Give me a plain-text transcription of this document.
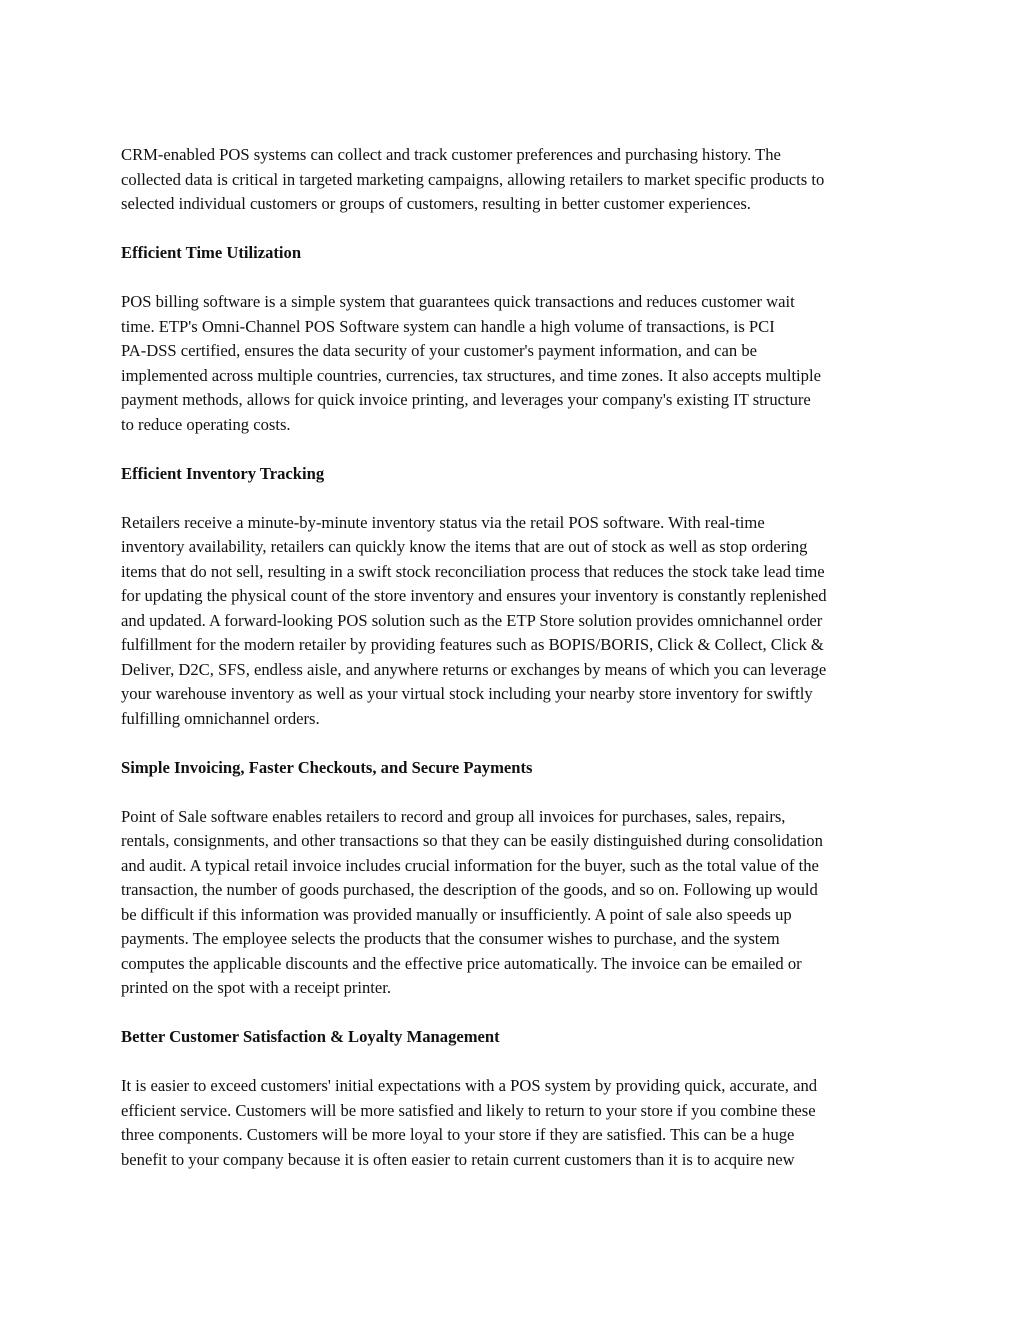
CRM-enabled POS systems can collect and track customer preferences and purchasing history. The
collected data is critical in targeted marketing campaigns, allowing retailers to market specific products to
selected individual customers or groups of customers, resulting in better customer experiences.
Efficient Time Utilization
POS billing software is a simple system that guarantees quick transactions and reduces customer wait
time. ETP's Omni-Channel POS Software system can handle a high volume of transactions, is PCI
PA-DSS certified, ensures the data security of your customer's payment information, and can be
implemented across multiple countries, currencies, tax structures, and time zones. It also accepts multiple
payment methods, allows for quick invoice printing, and leverages your company's existing IT structure
to reduce operating costs.
Efficient Inventory Tracking
Retailers receive a minute-by-minute inventory status via the retail POS software. With real-time
inventory availability, retailers can quickly know the items that are out of stock as well as stop ordering
items that do not sell, resulting in a swift stock reconciliation process that reduces the stock take lead time
for updating the physical count of the store inventory and ensures your inventory is constantly replenished
and updated. A forward-looking POS solution such as the ETP Store solution provides omnichannel order
fulfillment for the modern retailer by providing features such as BOPIS/BORIS, Click & Collect, Click &
Deliver, D2C, SFS, endless aisle, and anywhere returns or exchanges by means of which you can leverage
your warehouse inventory as well as your virtual stock including your nearby store inventory for swiftly
fulfilling omnichannel orders.
Simple Invoicing, Faster Checkouts, and Secure Payments
Point of Sale software enables retailers to record and group all invoices for purchases, sales, repairs,
rentals, consignments, and other transactions so that they can be easily distinguished during consolidation
and audit. A typical retail invoice includes crucial information for the buyer, such as the total value of the
transaction, the number of goods purchased, the description of the goods, and so on. Following up would
be difficult if this information was provided manually or insufficiently. A point of sale also speeds up
payments. The employee selects the products that the consumer wishes to purchase, and the system
computes the applicable discounts and the effective price automatically. The invoice can be emailed or
printed on the spot with a receipt printer.
Better Customer Satisfaction & Loyalty Management
It is easier to exceed customers' initial expectations with a POS system by providing quick, accurate, and
efficient service. Customers will be more satisfied and likely to return to your store if you combine these
three components. Customers will be more loyal to your store if they are satisfied. This can be a huge
benefit to your company because it is often easier to retain current customers than it is to acquire new
